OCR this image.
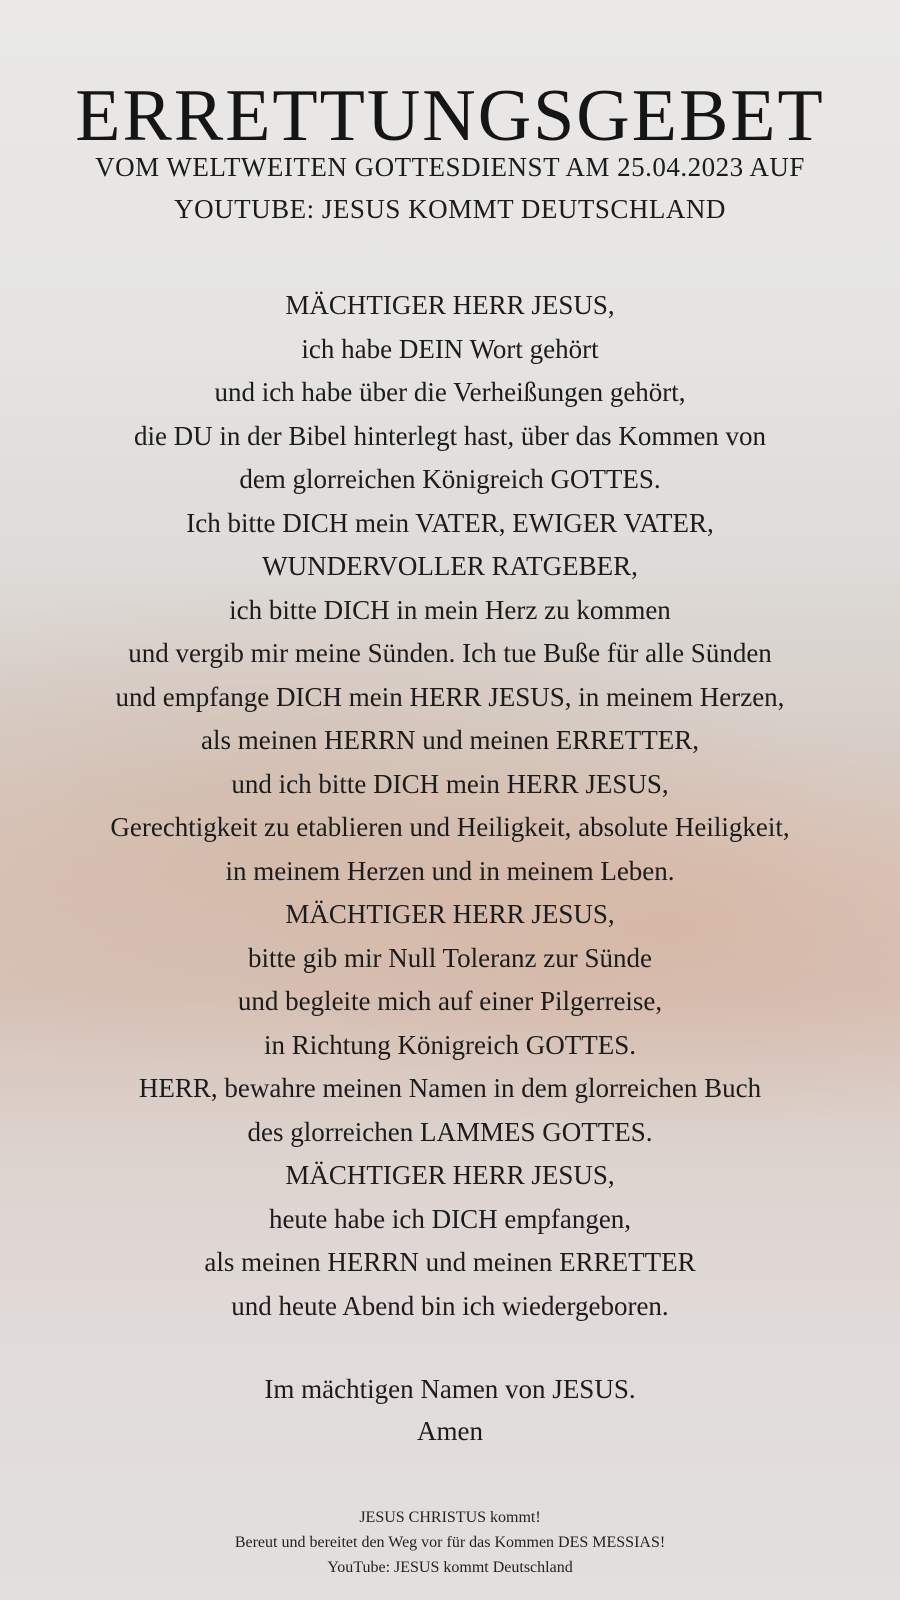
ERRETTUNGSGEBET
VOM WELTWEITEN GOTTESDIENST AM 25.04.2023 AUF
YOUTUBE: JESUS KOMMT DEUTSCHLAND
MÄCHTIGER HERR JESUS,
ich habe DEIN Wort gehört
und ich habe über die Verheißungen gehört,
die DU in der Bibel hinterlegt hast, über das Kommen von
dem glorreichen Königreich GOTTES.
Ich bitte DICH mein VATER, EWIGER VATER,
WUNDERVOLLER RATGEBER,
ich bitte DICH in mein Herz zu kommen
und vergib mir meine Sünden. Ich tue Buße für alle Sünden
und empfange DICH mein HERR JESUS, in meinem Herzen,
als meinen HERRN und meinen ERRETTER,
und ich bitte DICH mein HERR JESUS,
Gerechtigkeit zu etablieren und Heiligkeit, absolute Heiligkeit,
in meinem Herzen und in meinem Leben.
MÄCHTIGER HERR JESUS,
bitte gib mir Null Toleranz zur Sünde
und begleite mich auf einer Pilgerreise,
in Richtung Königreich GOTTES.
HERR, bewahre meinen Namen in dem glorreichen Buch
des glorreichen LAMMES GOTTES.
MÄCHTIGER HERR JESUS,
heute habe ich DICH empfangen,
als meinen HERRN und meinen ERRETTER
und heute Abend bin ich wiedergeboren.
Im mächtigen Namen von JESUS.
Amen
JESUS CHRISTUS kommt!
Bereut und bereitet den Weg vor für das Kommen DES MESSIAS!
YouTube: JESUS kommt Deutschland
